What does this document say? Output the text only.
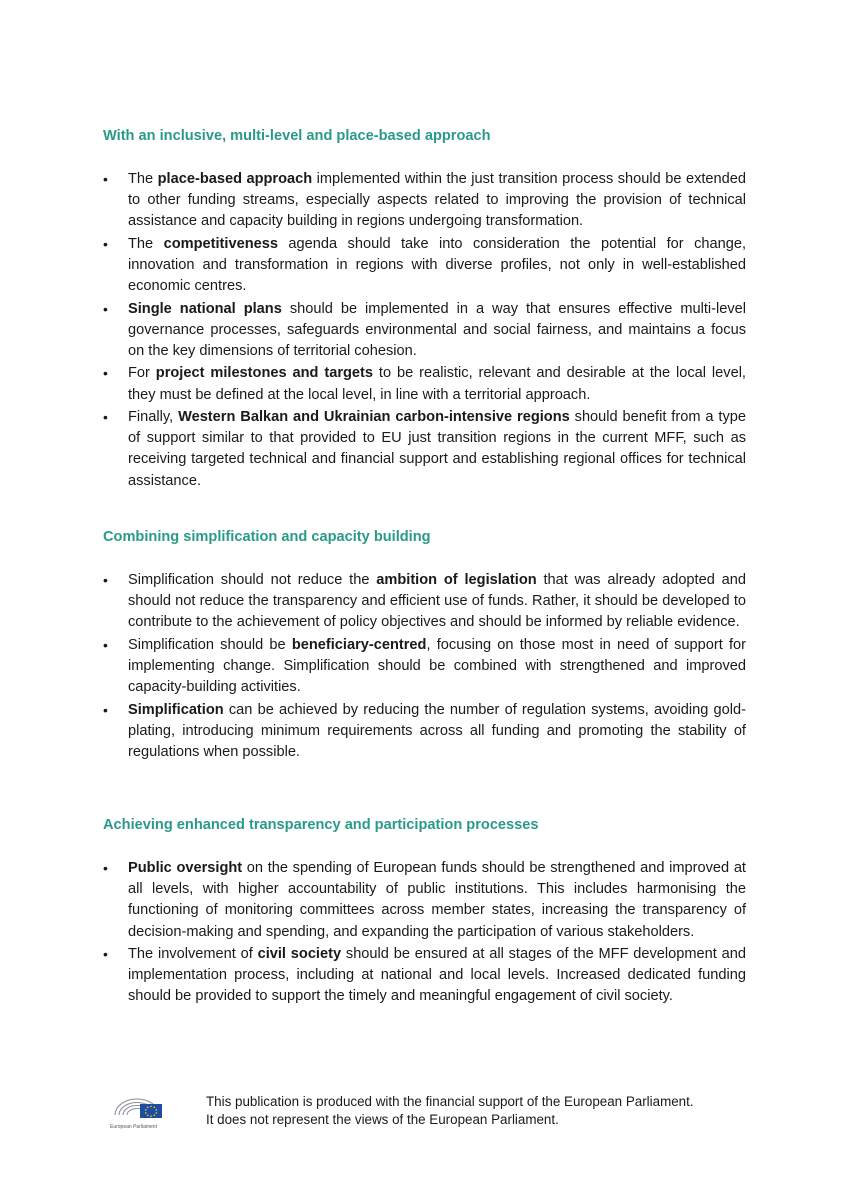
With an inclusive, multi-level and place-based approach
• The place-based approach implemented within the just transition process should be extended to other funding streams, especially aspects related to improving the provision of technical assistance and capacity building in regions undergoing transformation.
• The competitiveness agenda should take into consideration the potential for change, innovation and transformation in regions with diverse profiles, not only in well-established economic centres.
• Single national plans should be implemented in a way that ensures effective multi-level governance processes, safeguards environmental and social fairness, and maintains a focus on the key dimensions of territorial cohesion.
• For project milestones and targets to be realistic, relevant and desirable at the local level, they must be defined at the local level, in line with a territorial approach.
• Finally, Western Balkan and Ukrainian carbon-intensive regions should benefit from a type of support similar to that provided to EU just transition regions in the current MFF, such as receiving targeted technical and financial support and establishing regional offices for technical assistance.
Combining simplification and capacity building
• Simplification should not reduce the ambition of legislation that was already adopted and should not reduce the transparency and efficient use of funds. Rather, it should be developed to contribute to the achievement of policy objectives and should be informed by reliable evidence.
• Simplification should be beneficiary-centred, focusing on those most in need of support for implementing change. Simplification should be combined with strengthened and improved capacity-building activities.
• Simplification can be achieved by reducing the number of regulation systems, avoiding gold-plating, introducing minimum requirements across all funding and promoting the stability of regulations when possible.
Achieving enhanced transparency and participation processes
• Public oversight on the spending of European funds should be strengthened and improved at all levels, with higher accountability of public institutions. This includes harmonising the functioning of monitoring committees across member states, increasing the transparency of decision-making and spending, and expanding the participation of various stakeholders.
• The involvement of civil society should be ensured at all stages of the MFF development and implementation process, including at national and local levels. Increased dedicated funding should be provided to support the timely and meaningful engagement of civil society.
European Parliament
This publication is produced with the financial support of the European Parliament.
It does not represent the views of the European Parliament.
